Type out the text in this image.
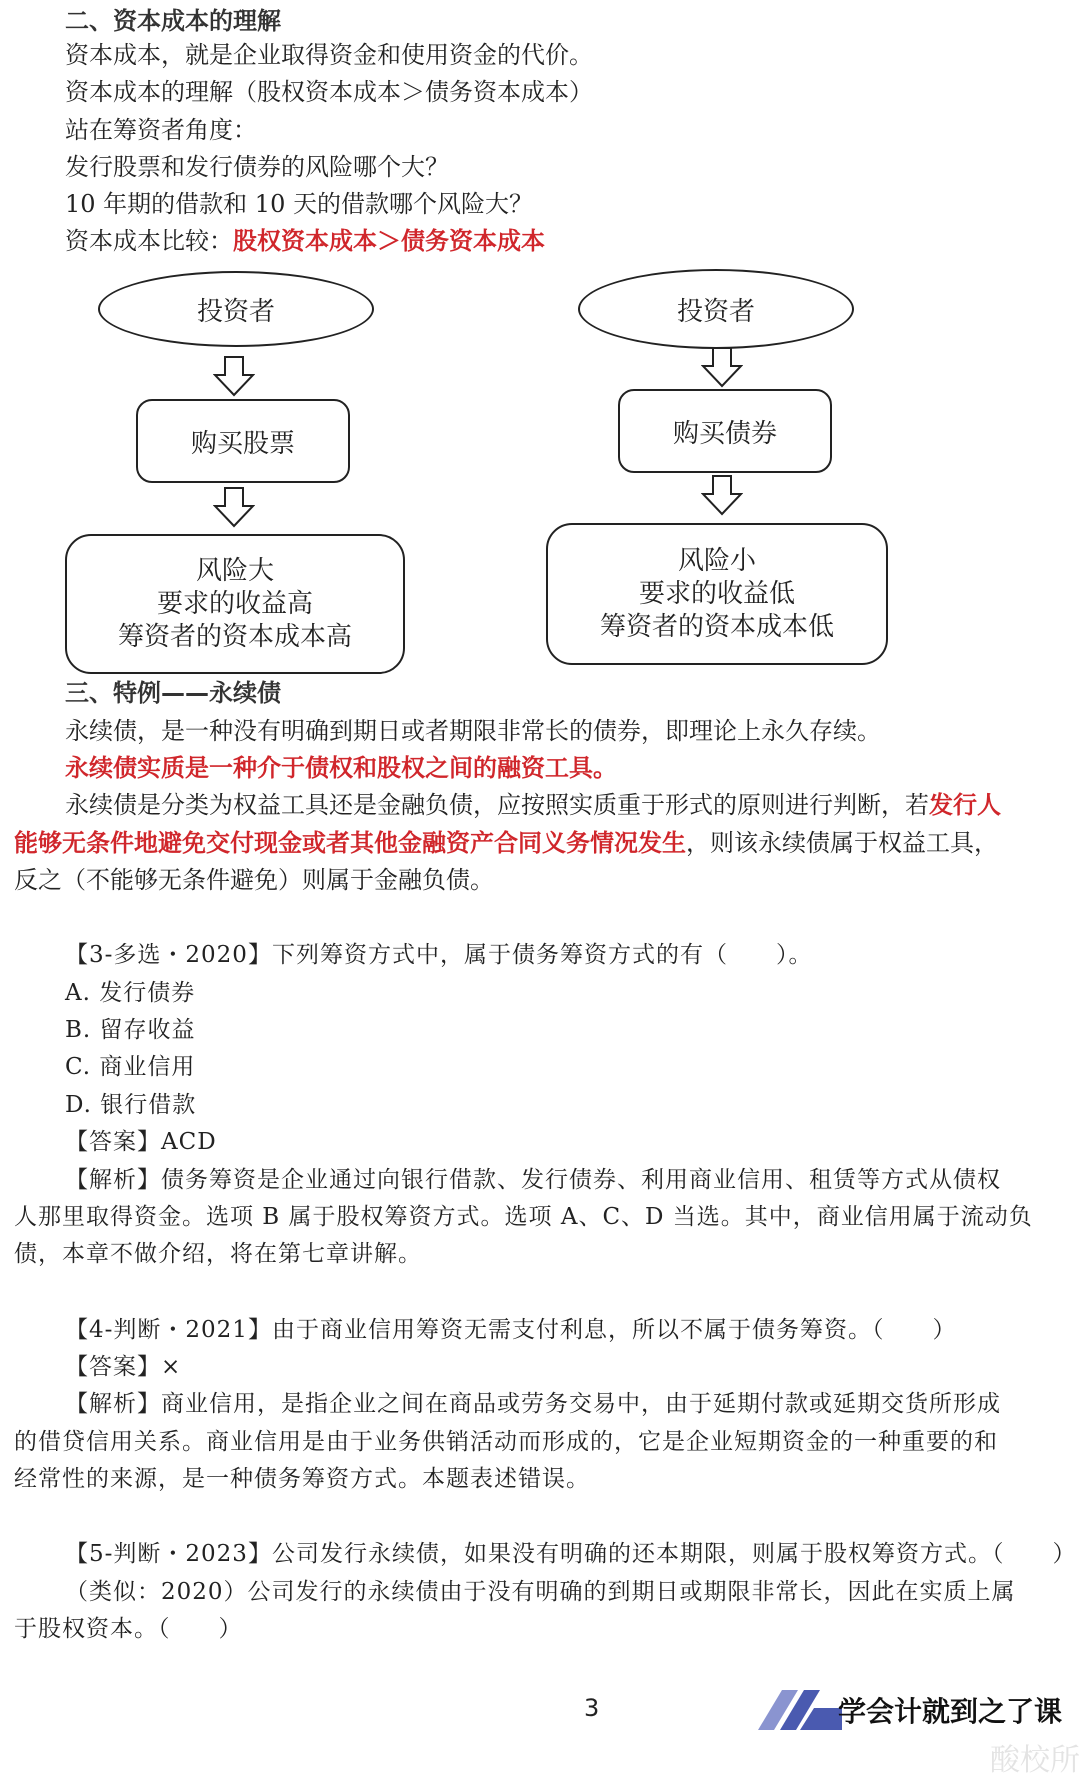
二、资本成本的理解
资本成本，就是企业取得资金和使用资金的代价。
资本成本的理解（股权资本成本＞债务资本成本）
站在筹资者角度：
发行股票和发行债券的风险哪个大？
10 年期的借款和 10 天的借款哪个风险大？
资本成本比较：股权资本成本＞债务资本成本
投资者
购买股票
风险大
要求的收益高
筹资者的资本成本高
投资者
购买债券
风险小
要求的收益低
筹资者的资本成本低
三、特例——永续债
永续债，是一种没有明确到期日或者期限非常长的债券，即理论上永久存续。
永续债实质是一种介于债权和股权之间的融资工具。
永续债是分类为权益工具还是金融负债，应按照实质重于形式的原则进行判断，若发行人
能够无条件地避免交付现金或者其他金融资产合同义务情况发生，则该永续债属于权益工具，
反之（不能够无条件避免）则属于金融负债。
【3-多选・2020】下列筹资方式中，属于债务筹资方式的有（　　）。
A. 发行债券
B. 留存收益
C. 商业信用
D. 银行借款
【答案】ACD
【解析】债务筹资是企业通过向银行借款、发行债券、利用商业信用、租赁等方式从债权
人那里取得资金。选项 B 属于股权筹资方式。选项 A、C、D 当选。其中，商业信用属于流动负
债，本章不做介绍，将在第七章讲解。
【4-判断・2021】由于商业信用筹资无需支付利息，所以不属于债务筹资。（　　）
【答案】×
【解析】商业信用，是指企业之间在商品或劳务交易中，由于延期付款或延期交货所形成
的借贷信用关系。商业信用是由于业务供销活动而形成的，它是企业短期资金的一种重要的和
经常性的来源，是一种债务筹资方式。本题表述错误。
【5-判断・2023】公司发行永续债，如果没有明确的还本期限，则属于股权筹资方式。（　　）
（类似：2020）公司发行的永续债由于没有明确的到期日或期限非常长，因此在实质上属
于股权资本。（　　）
3	学会计就到之了课
酸校所
